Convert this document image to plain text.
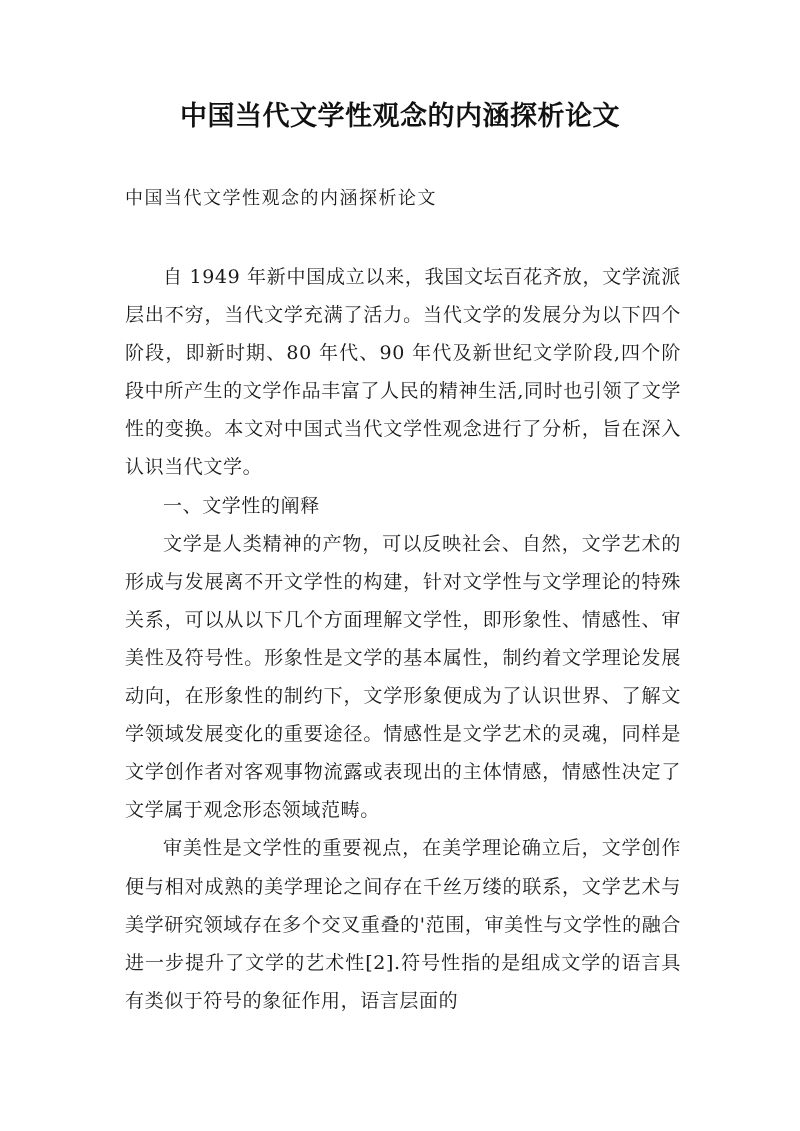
中国当代文学性观念的内涵探析论文
中国当代文学性观念的内涵探析论文

自 1949 年新中国成立以来，我国文坛百花齐放，文学流派层出不穷，当代文学充满了活力。当代文学的发展分为以下四个阶段，即新时期、80 年代、90 年代及新世纪文学阶段,四个阶段中所产生的文学作品丰富了人民的精神生活,同时也引领了文学性的变换。本文对中国式当代文学性观念进行了分析，旨在深入认识当代文学。

一、文学性的阐释

文学是人类精神的产物，可以反映社会、自然，文学艺术的形成与发展离不开文学性的构建，针对文学性与文学理论的特殊关系，可以从以下几个方面理解文学性，即形象性、情感性、审美性及符号性。形象性是文学的基本属性，制约着文学理论发展动向，在形象性的制约下，文学形象便成为了认识世界、了解文学领域发展变化的重要途径。情感性是文学艺术的灵魂，同样是文学创作者对客观事物流露或表现出的主体情感，情感性决定了文学属于观念形态领域范畴。

审美性是文学性的重要视点，在美学理论确立后，文学创作便与相对成熟的美学理论之间存在千丝万缕的联系，文学艺术与美学研究领域存在多个交叉重叠的'范围，审美性与文学性的融合进一步提升了文学的艺术性[2].符号性指的是组成文学的语言具有类似于符号的象征作用，语言层面的
